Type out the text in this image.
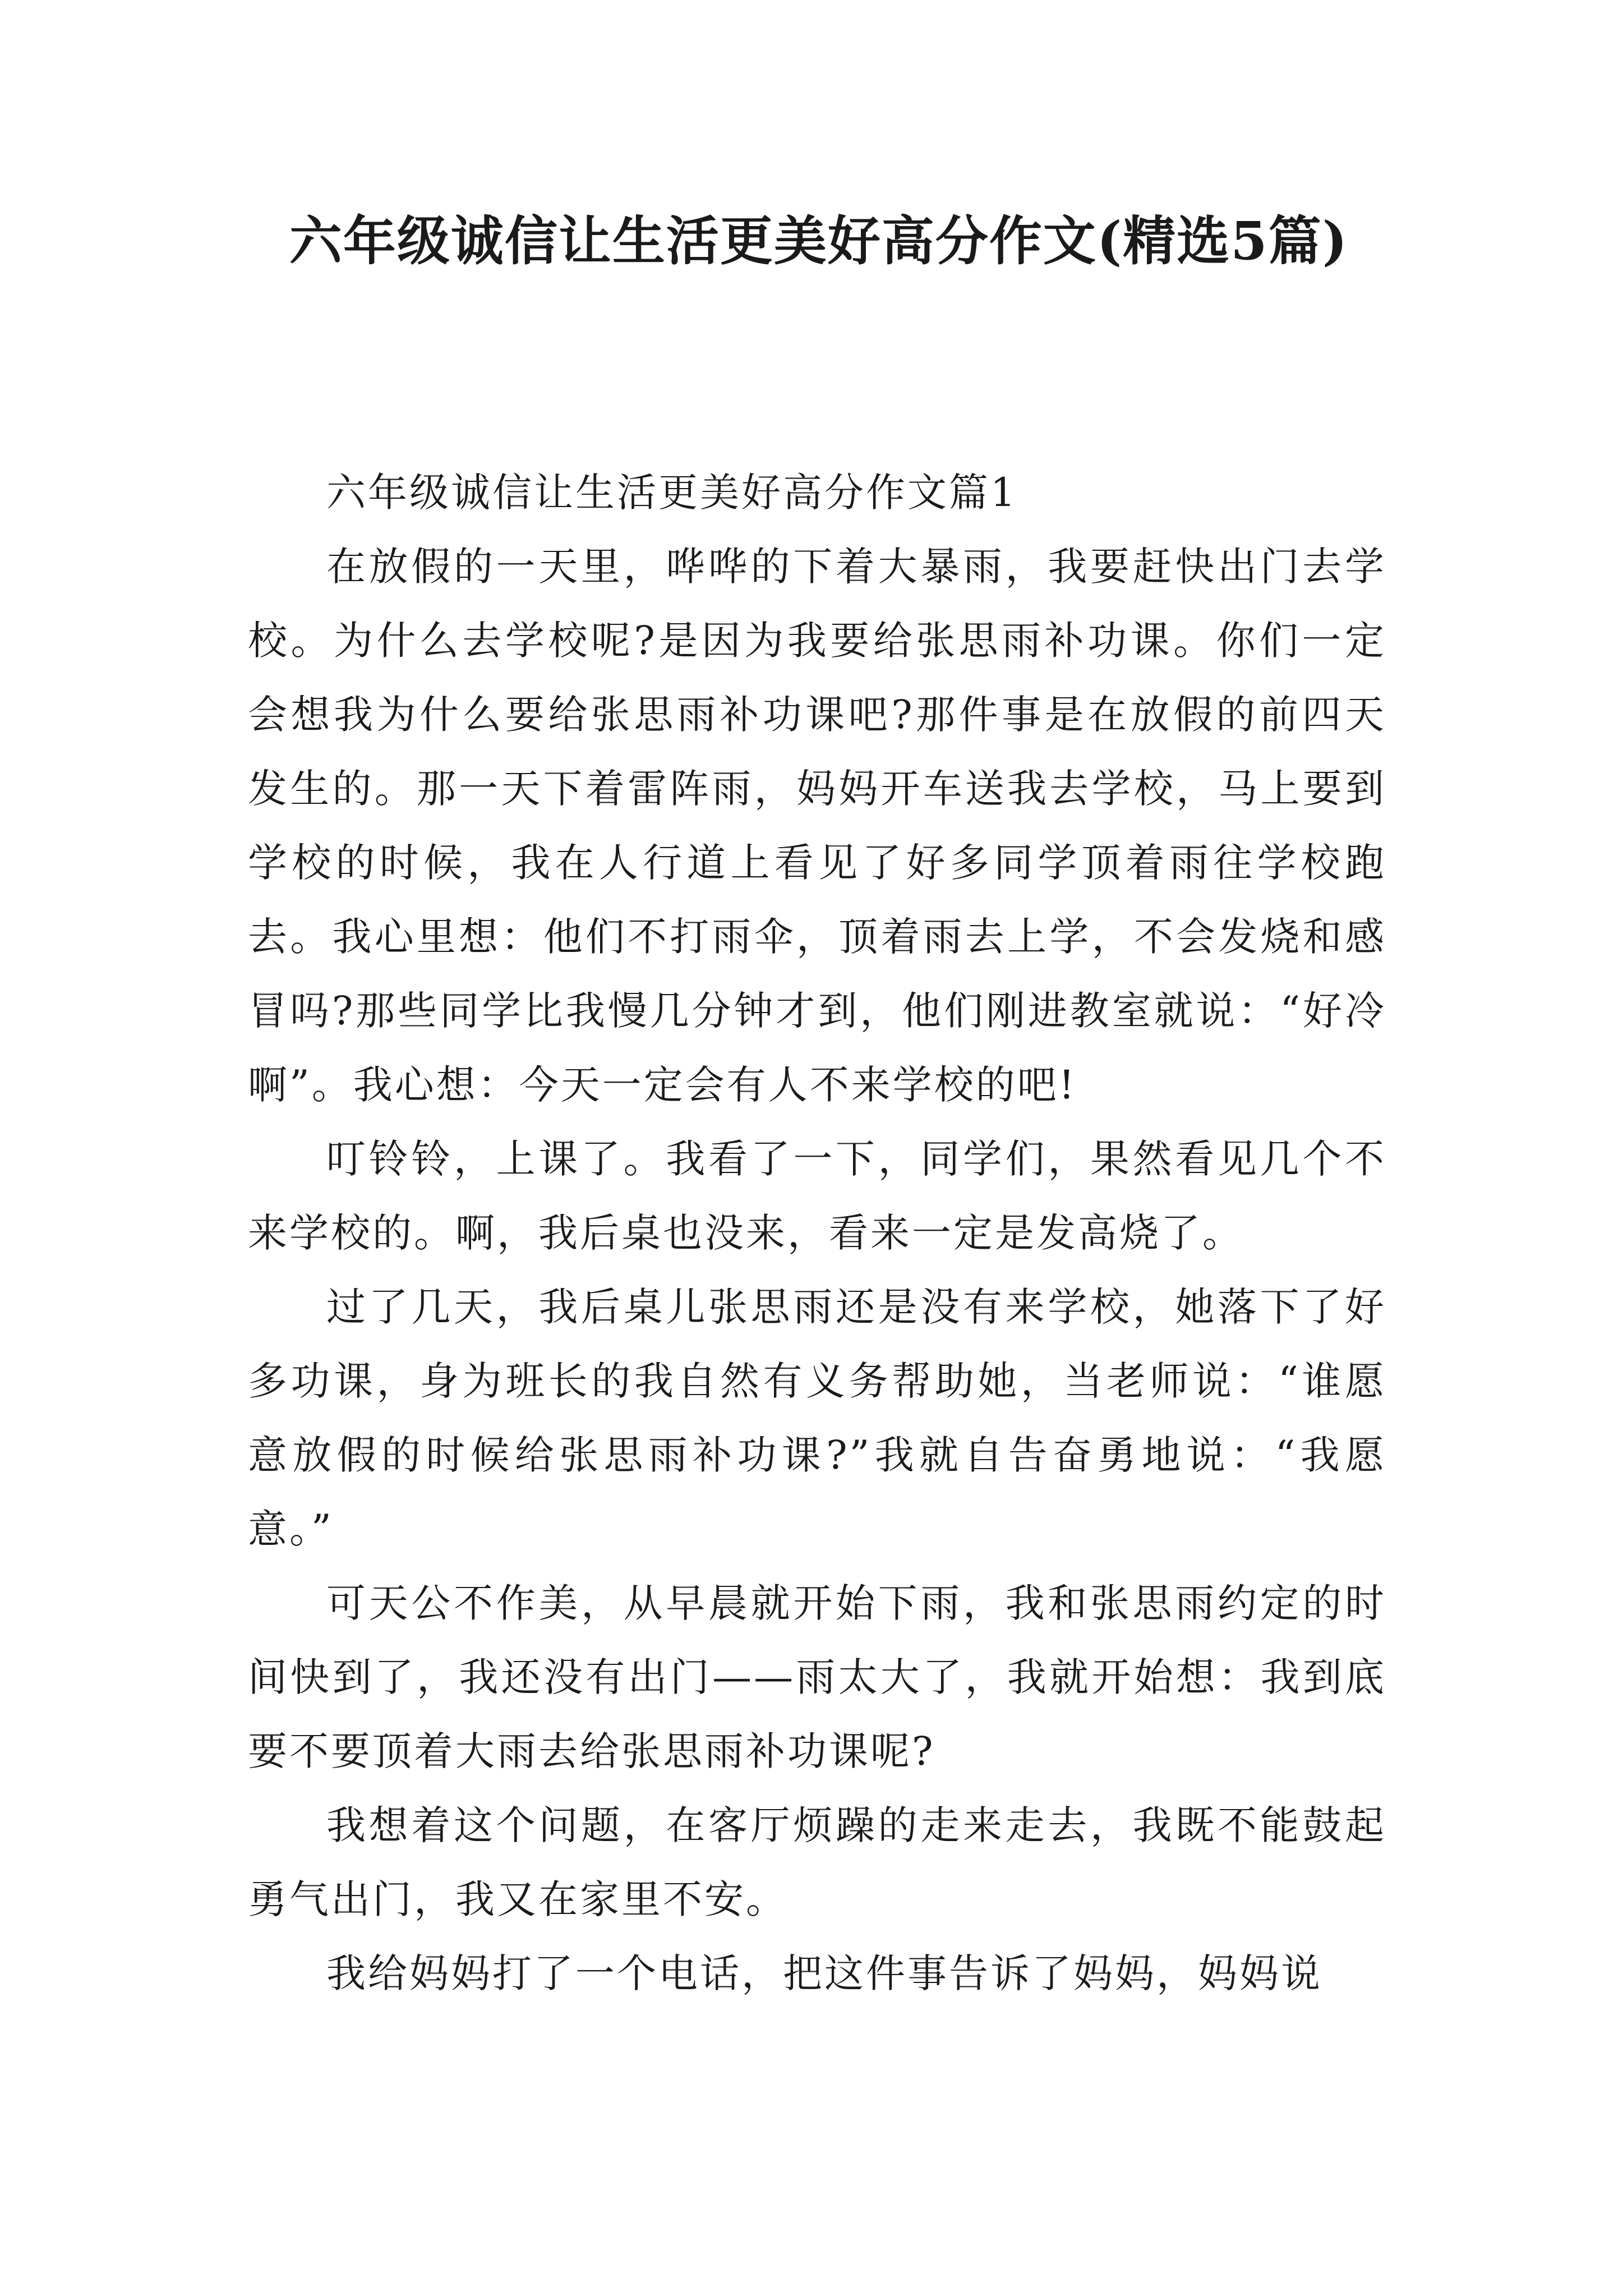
六年级诚信让生活更美好高分作文(精选5篇)

六年级诚信让生活更美好高分作文篇1

在放假的一天里，哗哗的下着大暴雨，我要赶快出门去学校。为什么去学校呢?是因为我要给张思雨补功课。你们一定会想我为什么要给张思雨补功课吧?那件事是在放假的前四天发生的。那一天下着雷阵雨，妈妈开车送我去学校，马上要到学校的时候，我在人行道上看见了好多同学顶着雨往学校跑去。我心里想：他们不打雨伞，顶着雨去上学，不会发烧和感冒吗?那些同学比我慢几分钟才到，他们刚进教室就说：“好冷啊”。我心想：今天一定会有人不来学校的吧!

叮铃铃，上课了。我看了一下，同学们，果然看见几个不来学校的。啊，我后桌也没来，看来一定是发高烧了。

过了几天，我后桌儿张思雨还是没有来学校，她落下了好多功课，身为班长的我自然有义务帮助她，当老师说：“谁愿意放假的时候给张思雨补功课?”我就自告奋勇地说：“我愿意。”

可天公不作美，从早晨就开始下雨，我和张思雨约定的时间快到了，我还没有出门——雨太大了，我就开始想：我到底要不要顶着大雨去给张思雨补功课呢?

我想着这个问题，在客厅烦躁的走来走去，我既不能鼓起勇气出门，我又在家里不安。

我给妈妈打了一个电话，把这件事告诉了妈妈，妈妈说
